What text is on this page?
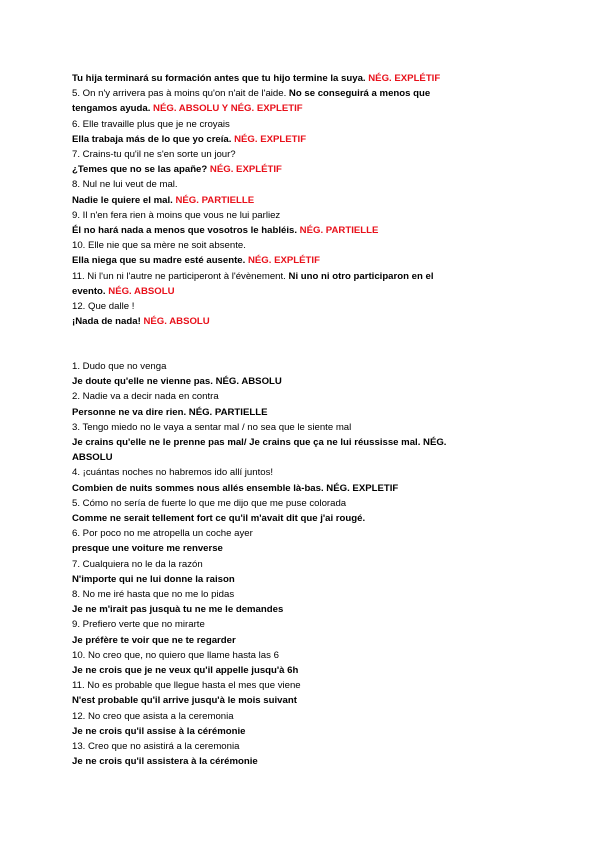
Tu hija terminará su formación antes que tu hijo termine la suya. NÉG. EXPLÉTIF
5. On n'y arrivera pas à moins qu'on n'ait de l'aide. No se conseguirá a menos que
tengamos ayuda. NÉG. ABSOLU Y NÉG. EXPLETIF
6. Elle travaille plus que je ne croyais
Ella trabaja más de lo que yo creía. NÉG. EXPLETIF
7. Crains-tu qu'il ne s'en sorte un jour?
¿Temes que no se las apañe? NÉG. EXPLÉTIF
8. Nul ne lui veut de mal.
Nadie le quiere el mal. NÉG. PARTIELLE
9. Il n'en fera rien à moins que vous ne lui parliez
Él no hará nada a menos que vosotros le habléis. NÉG. PARTIELLE
10. Elle nie que sa mère ne soit absente.
Ella niega que su madre esté ausente. NÉG. EXPLÉTIF
11. Ni l'un ni l'autre ne participeront à l'évènement. Ni uno ni otro participaron en el
evento. NÉG. ABSOLU
12. Que dalle !
¡Nada de nada! NÉG. ABSOLU
1. Dudo que no venga
Je doute qu'elle ne vienne pas. NÉG. ABSOLU
2. Nadie va a decir nada en contra
Personne ne va dire rien. NÉG. PARTIELLE
3. Tengo miedo no le vaya a sentar mal / no sea que le siente mal
Je crains qu'elle ne le prenne pas mal/ Je crains que ça ne lui réussisse mal. NÉG.
ABSOLU
4. ¡cuántas noches no habremos ido allí juntos!
Combien de nuits sommes nous allés ensemble là-bas. NÉG. EXPLETIF
5. Cómo no sería de fuerte lo que me dijo que me puse colorada
Comme ne serait tellement fort ce qu'il m'avait dit que j'ai rougé.
6. Por poco no me atropella un coche ayer
presque une voiture me renverse
7. Cualquiera no le da la razón
N'importe qui ne lui donne la raison
8. No me iré hasta que no me lo pidas
Je ne m'irait pas jusquà tu ne me le demandes
9. Prefiero verte que no mirarte
Je préfère te voir que ne te regarder
10. No creo que, no quiero que llame hasta las 6
Je ne crois que je ne veux qu'il appelle jusqu'à 6h
11. No es probable que llegue hasta el mes que viene
N'est probable qu'il arrive jusqu'à le mois suivant
12. No creo que asista a la ceremonia
Je ne crois qu'il assise à la cérémonie
13. Creo que no asistirá a la ceremonia
Je ne crois qu'il assistera à la cérémonie
